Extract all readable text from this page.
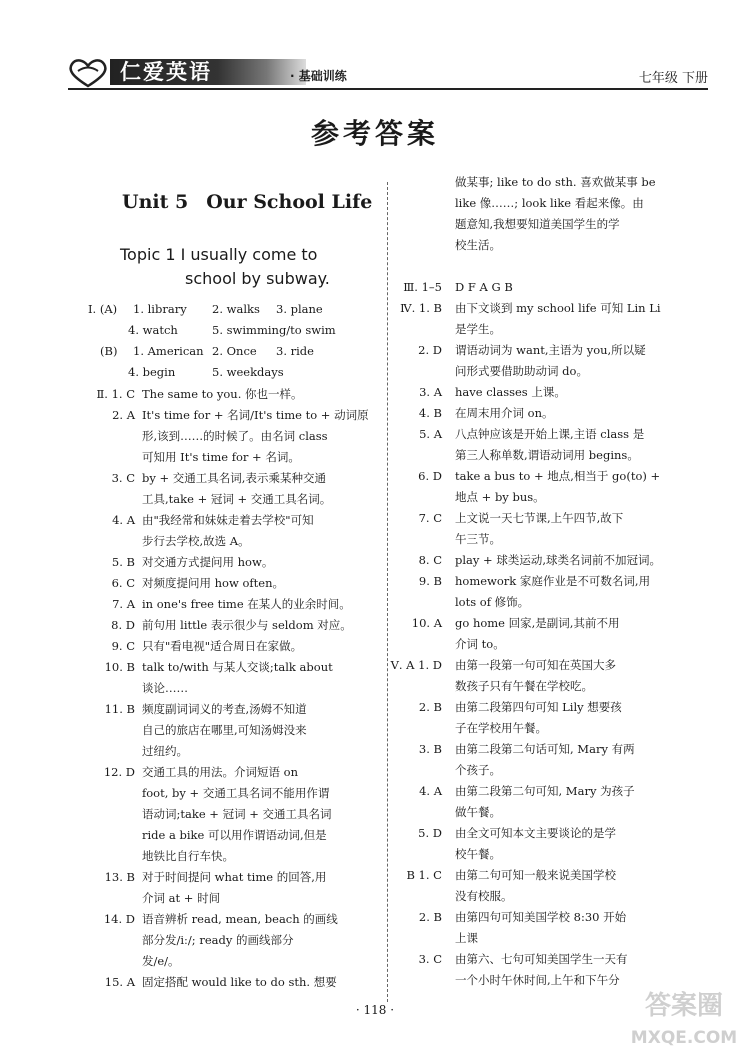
仁爱英语	· 基础训练	七年级 下册
参考答案
Unit 5 Our School Life
Topic 1 I usually come to
school by subway.
Ⅰ. (A) 1. library 2. walks 3. plane
4. watch	5. swimming/to swim
(B) 1. American 2. Once 3. ride
4. begin	5. weekdays
Ⅱ. 1. C The same to you. 你也一样。
2. A It's time for + 名词/It's time to + 动词原
形,该到……的时候了。由名词 class
可知用 It's time for + 名词。
3. C by + 交通工具名词,表示乘某种交通
工具,take + 冠词 + 交通工具名词。
4. A 由"我经常和妹妹走着去学校"可知
步行去学校,故选 A。
5. B 对交通方式提问用 how。
6. C 对频度提问用 how often。
7. A in one's free time 在某人的业余时间。
8. D 前句用 little 表示很少与 seldom 对应。
9. C 只有"看电视"适合周日在家做。
10. B talk to/with 与某人交谈;talk about
谈论……
11. B 频度副词词义的考查,汤姆不知道
自己的旅店在哪里,可知汤姆没来
过纽约。
12. D 交通工具的用法。介词短语 on
foot, by + 交通工具名词不能用作谓
语动词;take + 冠词 + 交通工具名词
ride a bike 可以用作谓语动词,但是
地铁比自行车快。
13. B 对于时间提问 what time 的回答,用
介词 at + 时间
14. D 语音辨析 read, mean, beach 的画线
部分发/iː/; ready 的画线部分
发/e/。
15. A 固定搭配 would like to do sth. 想要
做某事; like to do sth. 喜欢做某事 be
like 像……; look like 看起来像。由
题意知,我想要知道美国学生的学
校生活。
Ⅲ. 1–5 D F A G B
Ⅳ. 1. B 由下文谈到 my school life 可知 Lin Li
是学生。
2. D 谓语动词为 want,主语为 you,所以疑
问形式要借助助动词 do。
3. A have classes 上课。
4. B 在周末用介词 on。
5. A 八点钟应该是开始上课,主语 class 是
第三人称单数,谓语动词用 begins。
6. D take a bus to + 地点,相当于 go(to) +
地点 + by bus。
7. C 上文说一天七节课,上午四节,故下
午三节。
8. C play + 球类运动,球类名词前不加冠词。
9. B homework 家庭作业是不可数名词,用
lots of 修饰。
10. A go home 回家,是副词,其前不用
介词 to。
Ⅴ. A 1. D 由第一段第一句可知在英国大多
数孩子只有午餐在学校吃。
2. B 由第二段第四句可知 Lily 想要孩
子在学校用午餐。
3. B 由第二段第二句话可知, Mary 有两
个孩子。
4. A 由第二段第二句可知, Mary 为孩子
做午餐。
5. D 由全文可知本文主要谈论的是学
校午餐。
B 1. C 由第二句可知一般来说美国学校
没有校服。
2. B 由第四句可知美国学校 8:30 开始
上课
3. C 由第六、七句可知美国学生一天有
一个小时午休时间,上午和下午分
· 118 ·	答案圈
MXQE.COM
